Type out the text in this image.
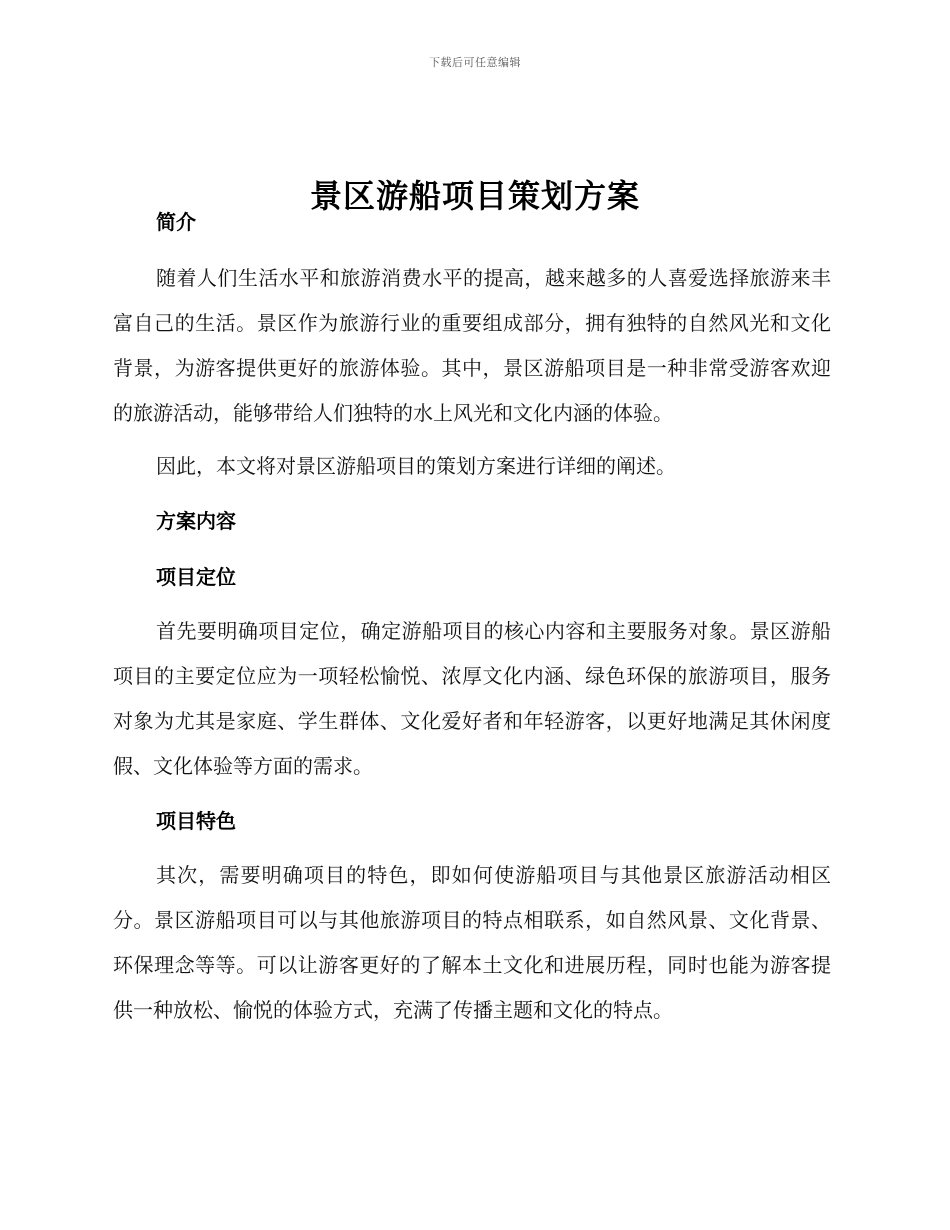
下载后可任意编辑
景区游船项目策划方案
简介

随着人们生活水平和旅游消费水平的提高，越来越多的人喜爱选择旅游来丰富自己的生活。景区作为旅游行业的重要组成部分，拥有独特的自然风光和文化背景，为游客提供更好的旅游体验。其中，景区游船项目是一种非常受游客欢迎的旅游活动，能够带给人们独特的水上风光和文化内涵的体验。

因此，本文将对景区游船项目的策划方案进行详细的阐述。

方案内容
项目定位

首先要明确项目定位，确定游船项目的核心内容和主要服务对象。景区游船项目的主要定位应为一项轻松愉悦、浓厚文化内涵、绿色环保的旅游项目，服务对象为尤其是家庭、学生群体、文化爱好者和年轻游客，以更好地满足其休闲度假、文化体验等方面的需求。

项目特色

其次，需要明确项目的特色，即如何使游船项目与其他景区旅游活动相区分。景区游船项目可以与其他旅游项目的特点相联系，如自然风景、文化背景、环保理念等等。可以让游客更好的了解本土文化和进展历程，同时也能为游客提供一种放松、愉悦的体验方式，充满了传播主题和文化的特点。
